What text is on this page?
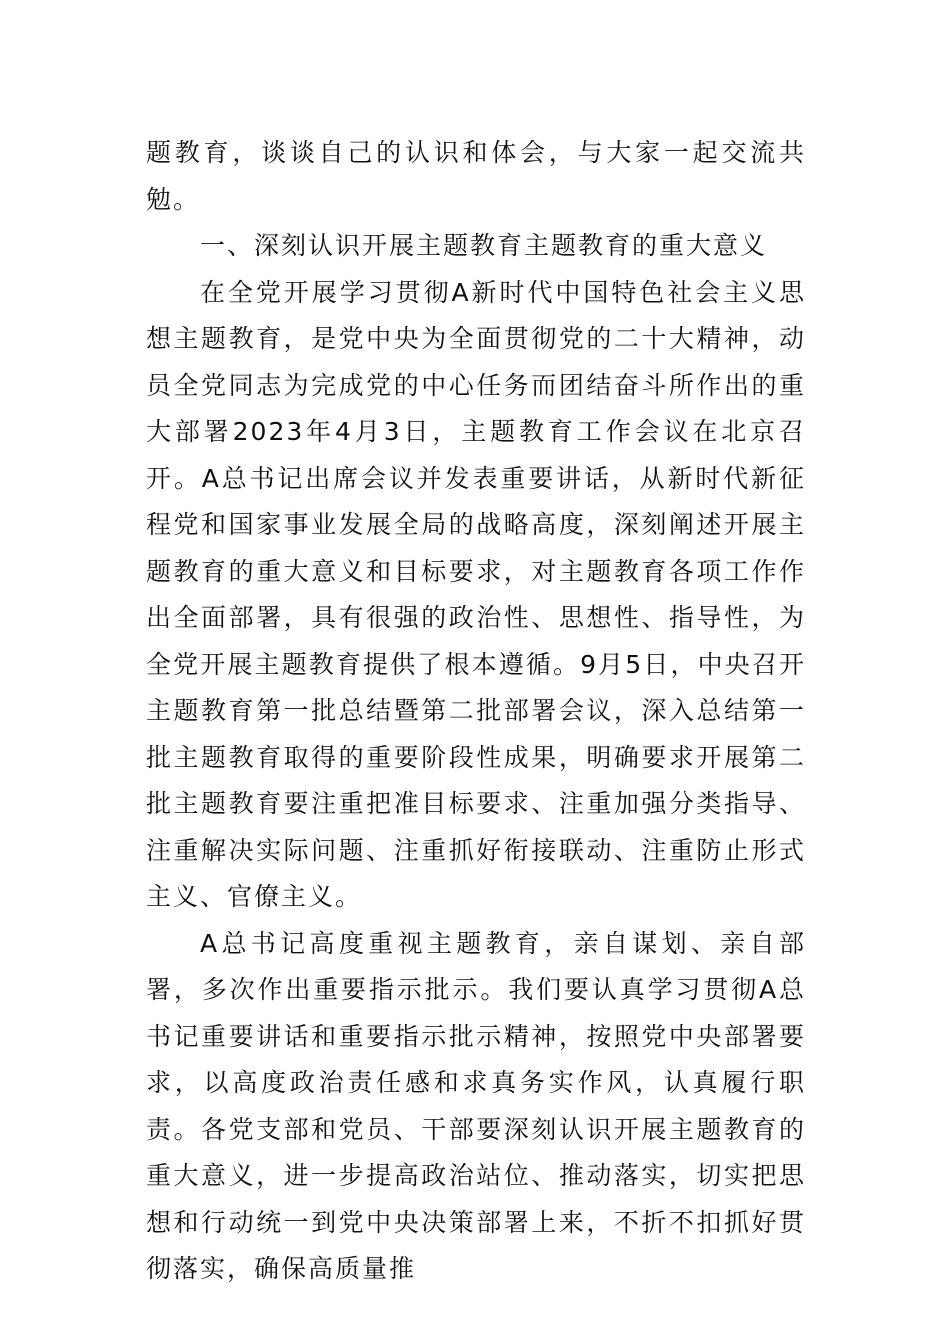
题教育，谈谈自己的认识和体会，与大家一起交流共勉。

一、深刻认识开展主题教育主题教育的重大意义

在全党开展学习贯彻A新时代中国特色社会主义思想主题教育，是党中央为全面贯彻党的二十大精神，动员全党同志为完成党的中心任务而团结奋斗所作出的重大部署2023年4月3日，主题教育工作会议在北京召开。A总书记出席会议并发表重要讲话，从新时代新征程党和国家事业发展全局的战略高度，深刻阐述开展主题教育的重大意义和目标要求，对主题教育各项工作作出全面部署，具有很强的政治性、思想性、指导性，为全党开展主题教育提供了根本遵循。9月5日，中央召开主题教育第一批总结暨第二批部署会议，深入总结第一批主题教育取得的重要阶段性成果，明确要求开展第二批主题教育要注重把准目标要求、注重加强分类指导、注重解决实际问题、注重抓好衔接联动、注重防止形式主义、官僚主义。

A总书记高度重视主题教育，亲自谋划、亲自部署，多次作出重要指示批示。我们要认真学习贯彻A总书记重要讲话和重要指示批示精神，按照党中央部署要求，以高度政治责任感和求真务实作风，认真履行职责。各党支部和党员、干部要深刻认识开展主题教育的重大意义，进一步提高政治站位、推动落实，切实把思想和行动统一到党中央决策部署上来，不折不扣抓好贯彻落实，确保高质量推
